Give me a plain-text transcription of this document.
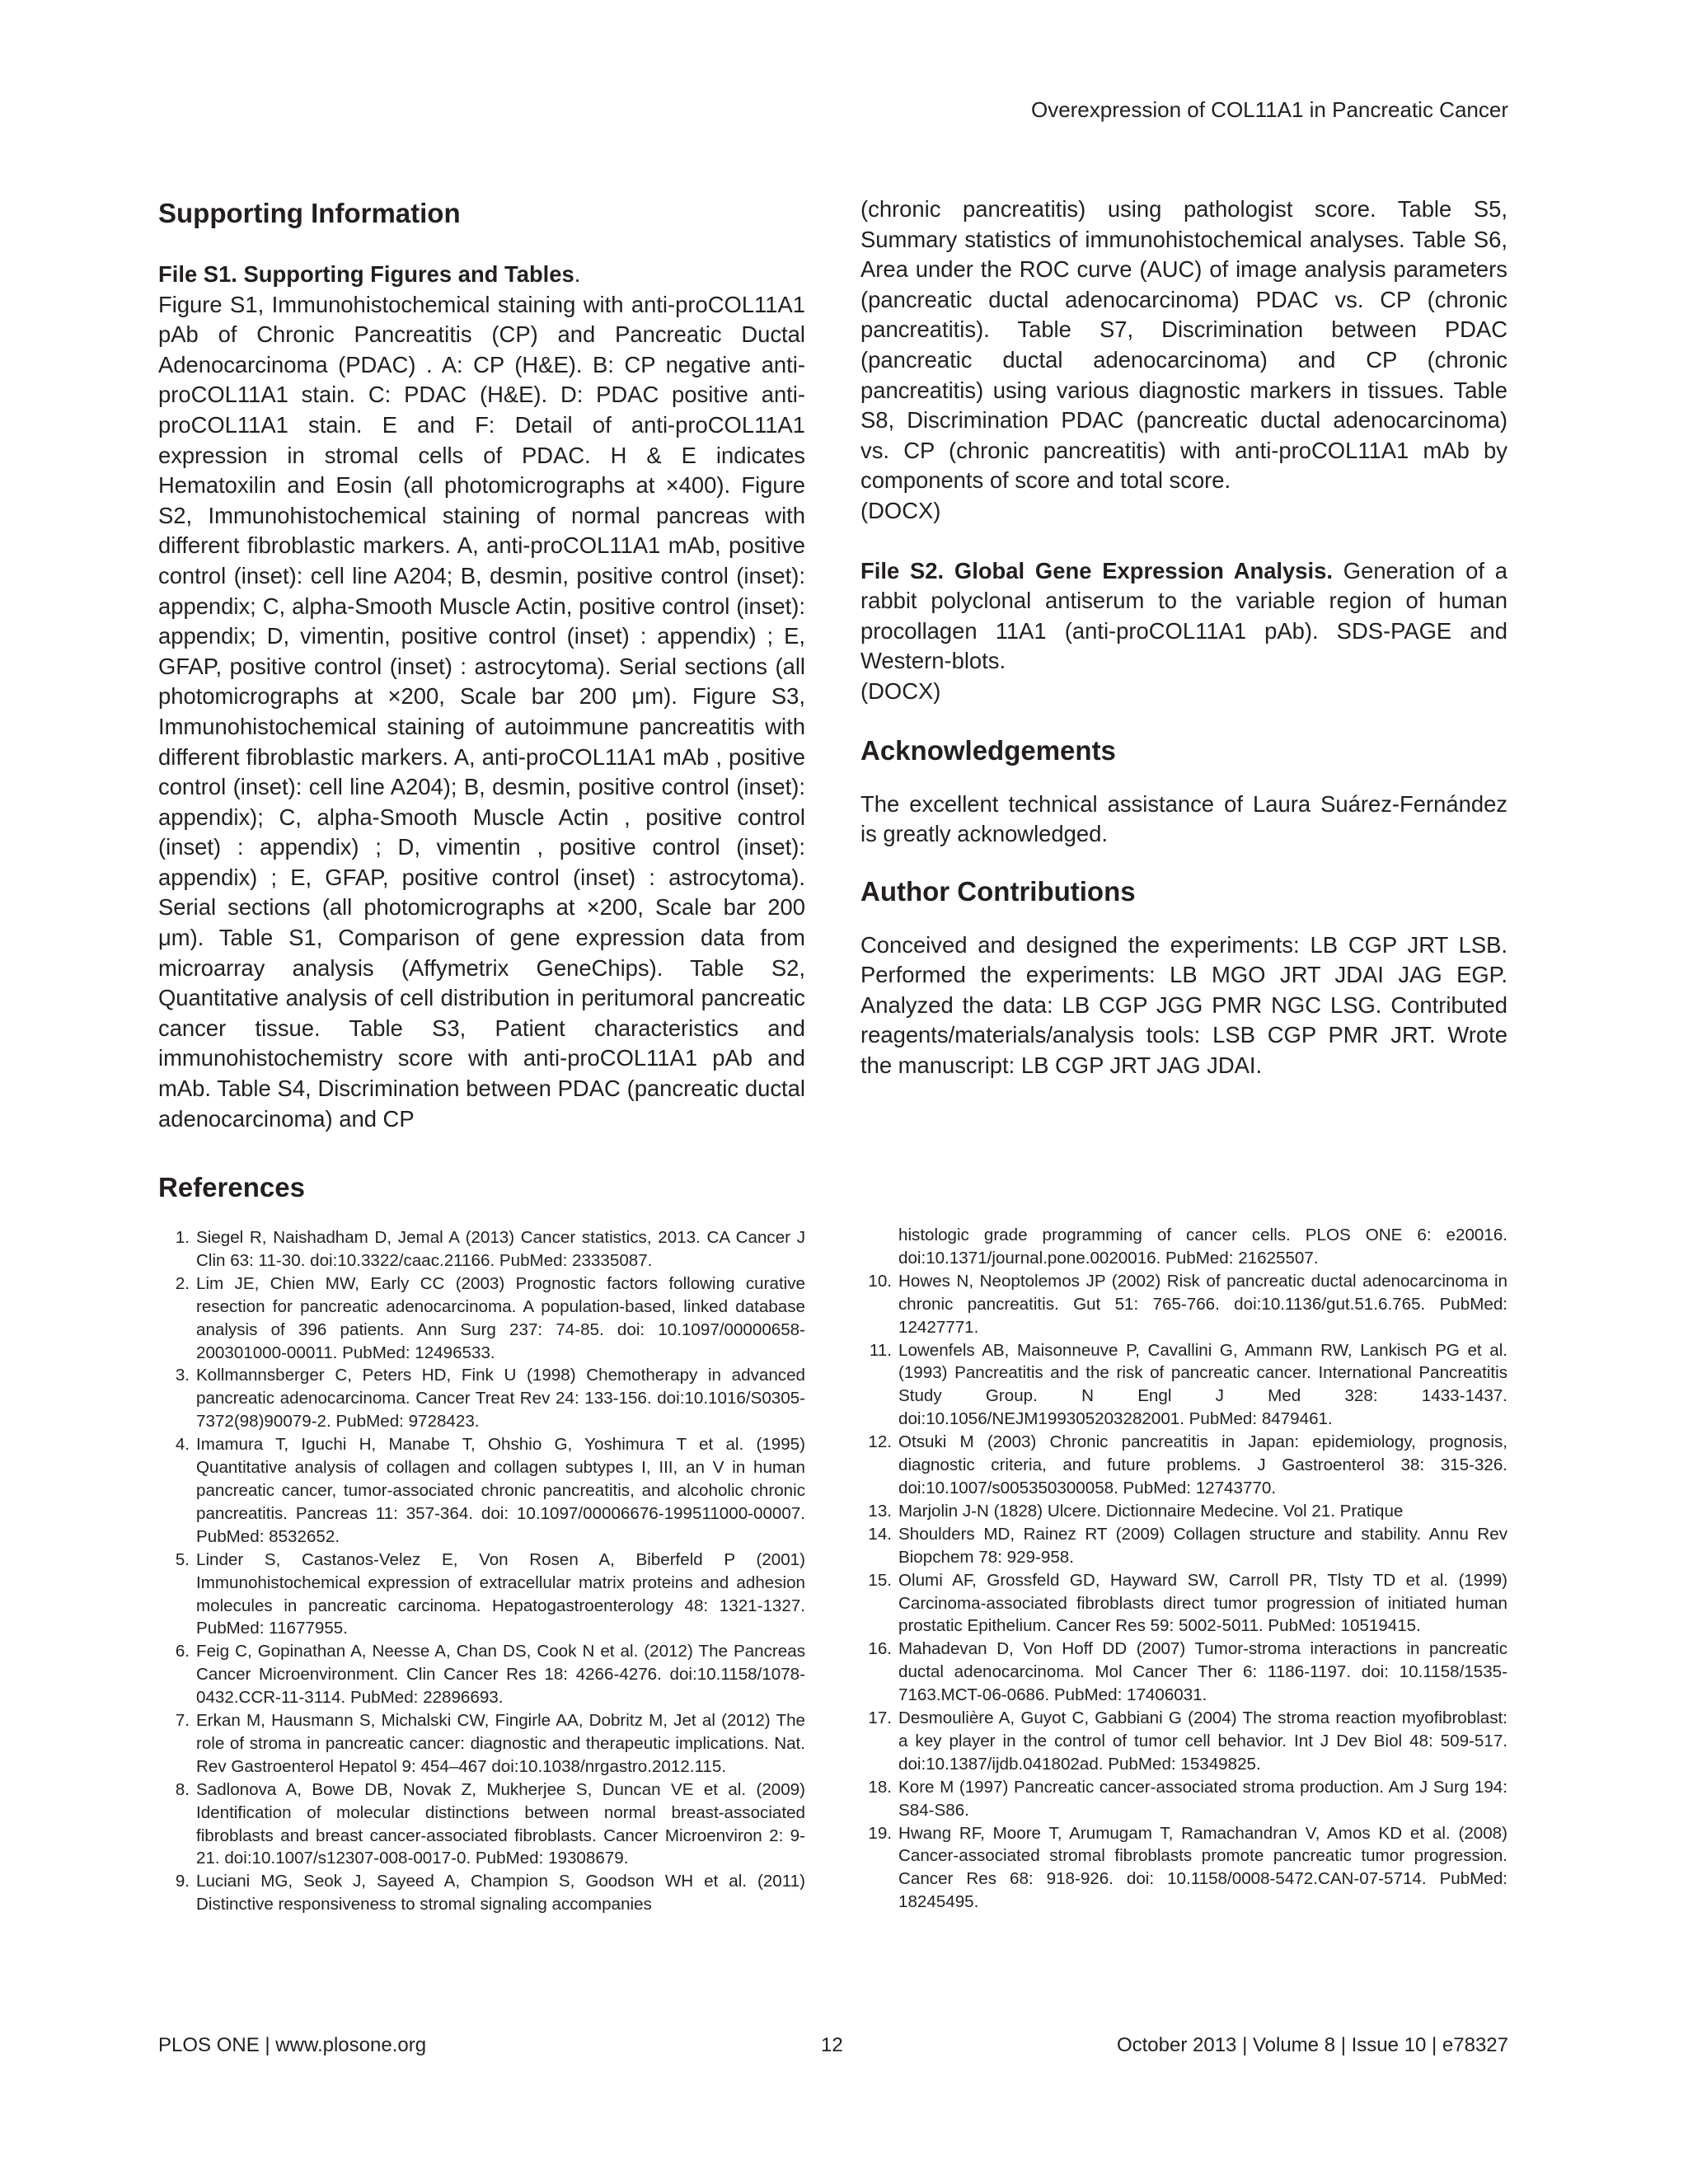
Overexpression of COL11A1 in Pancreatic Cancer
Supporting Information

File S1. Supporting Figures and Tables.
Figure S1, Immunohistochemical staining with anti-proCOL11A1 pAb of Chronic Pancreatitis (CP) and Pancreatic Ductal Adenocarcinoma (PDAC) . A: CP (H&E). B: CP negative anti-proCOL11A1 stain. C: PDAC (H&E). D: PDAC positive anti-proCOL11A1 stain. E and F: Detail of anti-proCOL11A1 expression in stromal cells of PDAC. H & E indicates Hematoxilin and Eosin (all photomicrographs at ×400). Figure S2, Immunohistochemical staining of normal pancreas with different fibroblastic markers. A, anti-proCOL11A1 mAb, positive control (inset): cell line A204; B, desmin, positive control (inset): appendix; C, alpha-Smooth Muscle Actin, positive control (inset): appendix; D, vimentin, positive control (inset) : appendix) ; E, GFAP, positive control (inset) : astrocytoma). Serial sections (all photomicrographs at ×200, Scale bar 200 μm). Figure S3, Immunohistochemical staining of autoimmune pancreatitis with different fibroblastic markers. A, anti-proCOL11A1 mAb , positive control (inset): cell line A204); B, desmin, positive control (inset): appendix); C, alpha-Smooth Muscle Actin , positive control (inset) : appendix) ; D, vimentin , positive control (inset): appendix) ; E, GFAP, positive control (inset) : astrocytoma). Serial sections (all photomicrographs at ×200, Scale bar 200 μm). Table S1, Comparison of gene expression data from microarray analysis (Affymetrix GeneChips). Table S2, Quantitative analysis of cell distribution in peritumoral pancreatic cancer tissue. Table S3, Patient characteristics and immunohistochemistry score with anti-proCOL11A1 pAb and mAb. Table S4, Discrimination between PDAC (pancreatic ductal adenocarcinoma) and CP

(chronic pancreatitis) using pathologist score. Table S5, Summary statistics of immunohistochemical analyses. Table S6, Area under the ROC curve (AUC) of image analysis parameters (pancreatic ductal adenocarcinoma) PDAC vs. CP (chronic pancreatitis). Table S7, Discrimination between PDAC (pancreatic ductal adenocarcinoma) and CP (chronic pancreatitis) using various diagnostic markers in tissues. Table S8, Discrimination PDAC (pancreatic ductal adenocarcinoma) vs. CP (chronic pancreatitis) with anti-proCOL11A1 mAb by components of score and total score.
(DOCX)

File S2. Global Gene Expression Analysis. Generation of a rabbit polyclonal antiserum to the variable region of human procollagen 11A1 (anti-proCOL11A1 pAb). SDS-PAGE and Western-blots.
(DOCX)

Acknowledgements

The excellent technical assistance of Laura Suárez-Fernández is greatly acknowledged.

Author Contributions

Conceived and designed the experiments: LB CGP JRT LSB. Performed the experiments: LB MGO JRT JDAI JAG EGP. Analyzed the data: LB CGP JGG PMR NGC LSG. Contributed reagents/materials/analysis tools: LSB CGP PMR JRT. Wrote the manuscript: LB CGP JRT JAG JDAI.

References
1. Siegel R, Naishadham D, Jemal A (2013) Cancer statistics, 2013. CA Cancer J Clin 63: 11-30. doi:10.3322/caac.21166. PubMed: 23335087.
2. Lim JE, Chien MW, Early CC (2003) Prognostic factors following curative resection for pancreatic adenocarcinoma. A population-based, linked database analysis of 396 patients. Ann Surg 237: 74-85. doi: 10.1097/00000658-200301000-00011. PubMed: 12496533.
3. Kollmannsberger C, Peters HD, Fink U (1998) Chemotherapy in advanced pancreatic adenocarcinoma. Cancer Treat Rev 24: 133-156. doi:10.1016/S0305-7372(98)90079-2. PubMed: 9728423.
4. Imamura T, Iguchi H, Manabe T, Ohshio G, Yoshimura T et al. (1995) Quantitative analysis of collagen and collagen subtypes I, III, an V in human pancreatic cancer, tumor-associated chronic pancreatitis, and alcoholic chronic pancreatitis. Pancreas 11: 357-364. doi: 10.1097/00006676-199511000-00007. PubMed: 8532652.
5. Linder S, Castanos-Velez E, Von Rosen A, Biberfeld P (2001) Immunohistochemical expression of extracellular matrix proteins and adhesion molecules in pancreatic carcinoma. Hepatogastroenterology 48: 1321-1327. PubMed: 11677955.
6. Feig C, Gopinathan A, Neesse A, Chan DS, Cook N et al. (2012) The Pancreas Cancer Microenvironment. Clin Cancer Res 18: 4266-4276. doi:10.1158/1078-0432.CCR-11-3114. PubMed: 22896693.
7. Erkan M, Hausmann S, Michalski CW, Fingirle AA, Dobritz M, Jet al (2012) The role of stroma in pancreatic cancer: diagnostic and therapeutic implications. Nat. Rev Gastroenterol Hepatol 9: 454–467 doi:10.1038/nrgastro.2012.115.
8. Sadlonova A, Bowe DB, Novak Z, Mukherjee S, Duncan VE et al. (2009) Identification of molecular distinctions between normal breast-associated fibroblasts and breast cancer-associated fibroblasts. Cancer Microenviron 2: 9-21. doi:10.1007/s12307-008-0017-0. PubMed: 19308679.
9. Luciani MG, Seok J, Sayeed A, Champion S, Goodson WH et al. (2011) Distinctive responsiveness to stromal signaling accompanies
histologic grade programming of cancer cells. PLOS ONE 6: e20016. doi:10.1371/journal.pone.0020016. PubMed: 21625507.
10. Howes N, Neoptolemos JP (2002) Risk of pancreatic ductal adenocarcinoma in chronic pancreatitis. Gut 51: 765-766. doi:10.1136/gut.51.6.765. PubMed: 12427771.
11. Lowenfels AB, Maisonneuve P, Cavallini G, Ammann RW, Lankisch PG et al. (1993) Pancreatitis and the risk of pancreatic cancer. International Pancreatitis Study Group. N Engl J Med 328: 1433-1437. doi:10.1056/NEJM199305203282001. PubMed: 8479461.
12. Otsuki M (2003) Chronic pancreatitis in Japan: epidemiology, prognosis, diagnostic criteria, and future problems. J Gastroenterol 38: 315-326. doi:10.1007/s005350300058. PubMed: 12743770.
13. Marjolin J-N (1828) Ulcere. Dictionnaire Medecine. Vol 21. Pratique
14. Shoulders MD, Rainez RT (2009) Collagen structure and stability. Annu Rev Biopchem 78: 929-958.
15. Olumi AF, Grossfeld GD, Hayward SW, Carroll PR, Tlsty TD et al. (1999) Carcinoma-associated fibroblasts direct tumor progression of initiated human prostatic Epithelium. Cancer Res 59: 5002-5011. PubMed: 10519415.
16. Mahadevan D, Von Hoff DD (2007) Tumor-stroma interactions in pancreatic ductal adenocarcinoma. Mol Cancer Ther 6: 1186-1197. doi: 10.1158/1535-7163.MCT-06-0686. PubMed: 17406031.
17. Desmoulière A, Guyot C, Gabbiani G (2004) The stroma reaction myofibroblast: a key player in the control of tumor cell behavior. Int J Dev Biol 48: 509-517. doi:10.1387/ijdb.041802ad. PubMed: 15349825.
18. Kore M (1997) Pancreatic cancer-associated stroma production. Am J Surg 194: S84-S86.
19. Hwang RF, Moore T, Arumugam T, Ramachandran V, Amos KD et al. (2008) Cancer-associated stromal fibroblasts promote pancreatic tumor progression. Cancer Res 68: 918-926. doi: 10.1158/0008-5472.CAN-07-5714. PubMed: 18245495.
PLOS ONE | www.plosone.org	12	October 2013 | Volume 8 | Issue 10 | e78327
